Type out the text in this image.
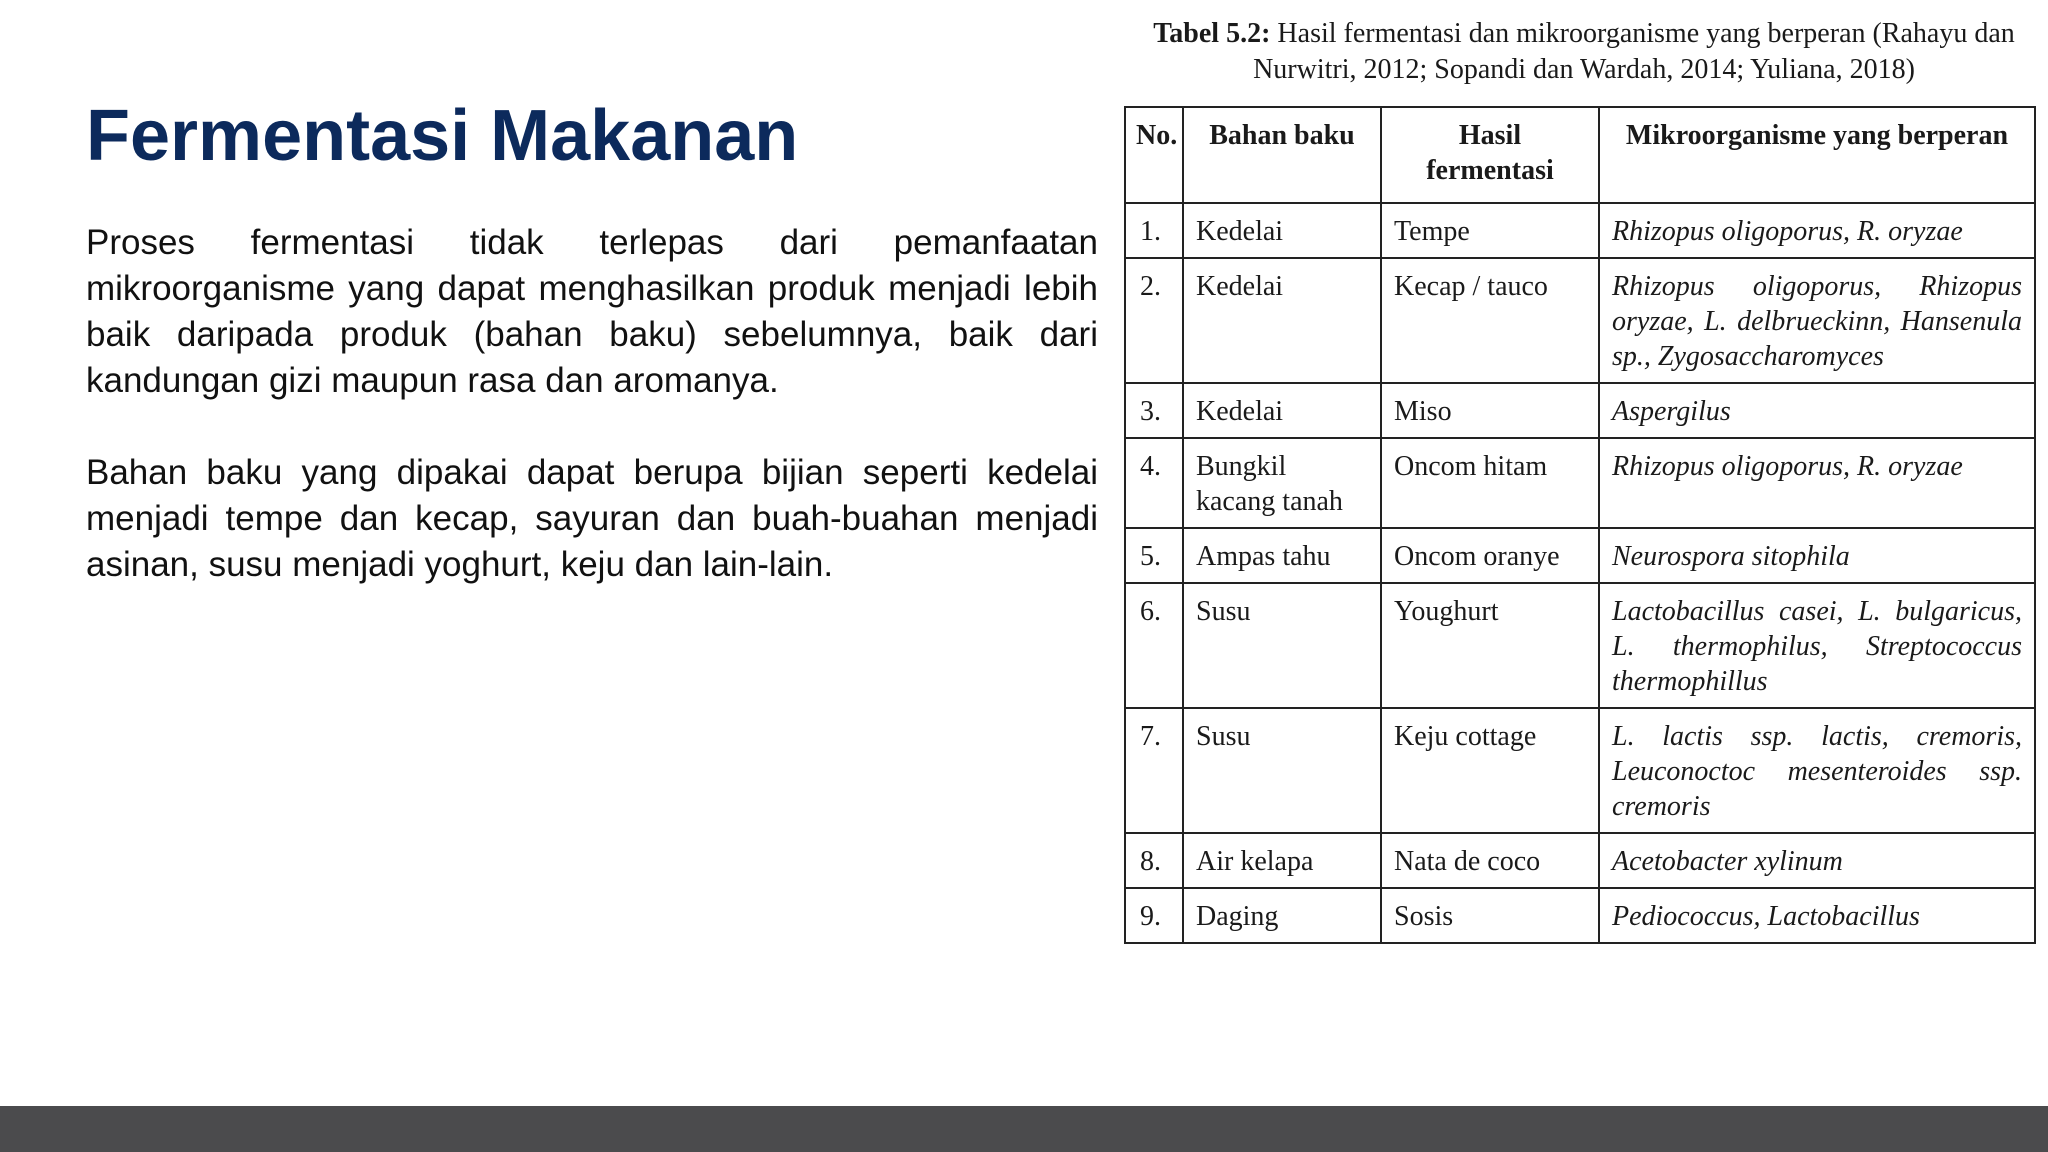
Fermentasi Makanan

Proses fermentasi tidak terlepas dari pemanfaatan mikroorganisme yang dapat menghasilkan produk menjadi lebih baik daripada produk (bahan baku) sebelumnya, baik dari kandungan gizi maupun rasa dan aromanya.

Bahan baku yang dipakai dapat berupa bijian seperti kedelai menjadi tempe dan kecap, sayuran dan buah-buahan menjadi asinan, susu menjadi yoghurt, keju dan lain-lain.

Tabel 5.2: Hasil fermentasi dan mikroorganisme yang berperan (Rahayu dan Nurwitri, 2012; Sopandi dan Wardah, 2014; Yuliana, 2018)
No.	Bahan baku	Hasil fermentasi	Mikroorganisme yang berperan
1.	Kedelai	Tempe	Rhizopus oligoporus, R. oryzae
2.	Kedelai	Kecap / tauco	Rhizopus oligoporus, Rhizopus oryzae, L. delbrueckinn, Hansenula sp., Zygosaccharomyces
3.	Kedelai	Miso	Aspergilus
4.	Bungkil kacang tanah	Oncom hitam	Rhizopus oligoporus, R. oryzae
5.	Ampas tahu	Oncom oranye	Neurospora sitophila
6.	Susu	Youghurt	Lactobacillus casei, L. bulgaricus, L. thermophilus, Streptococcus thermophillus
7.	Susu	Keju cottage	L. lactis ssp. lactis, cremoris, Leuconoctoc mesenteroides ssp. cremoris
8.	Air kelapa	Nata de coco	Acetobacter xylinum
9.	Daging	Sosis	Pediococcus, Lactobacillus
